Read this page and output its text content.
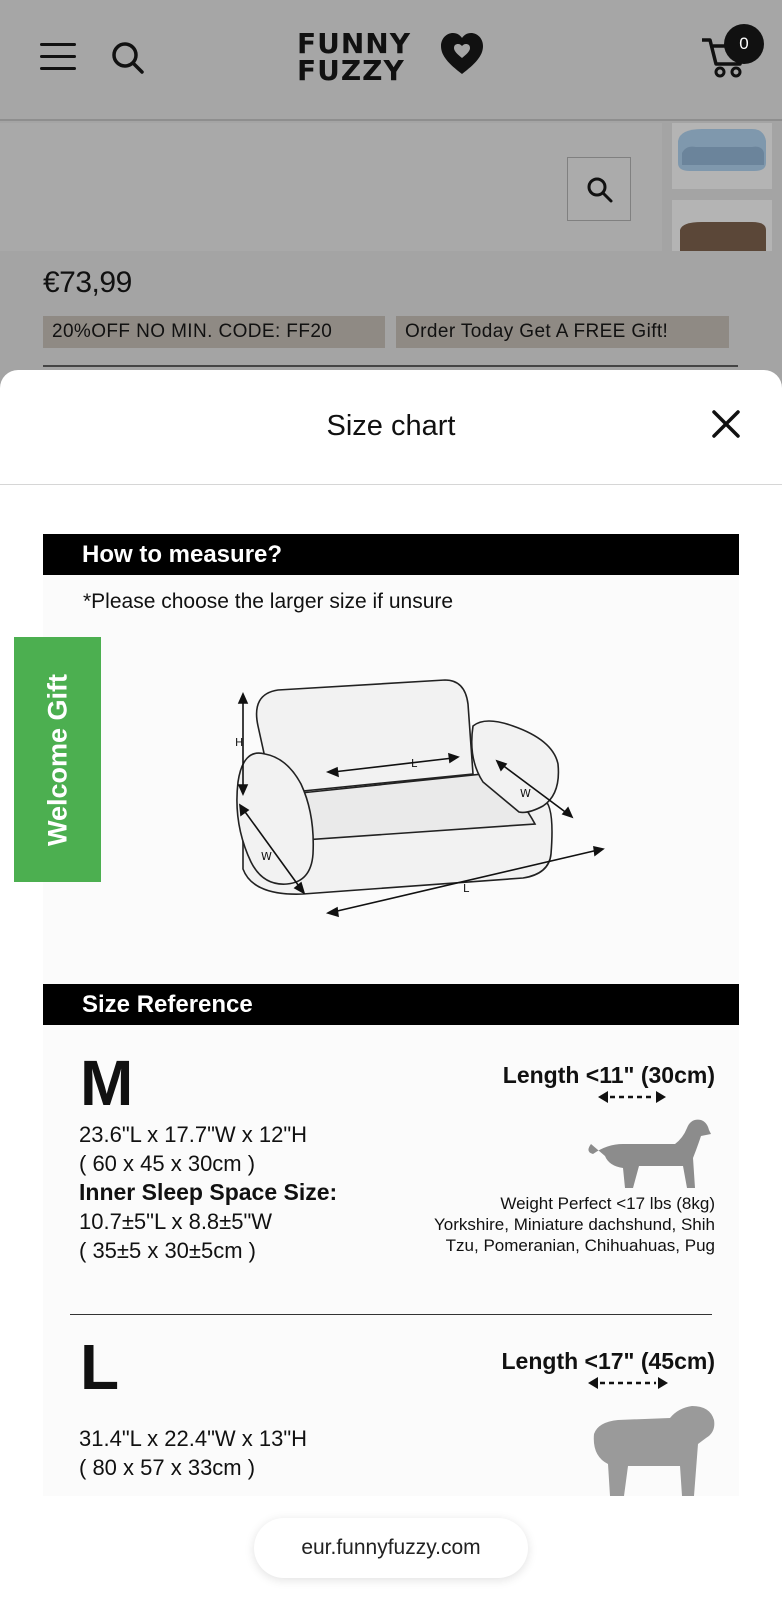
FUNNY
FUZZY
0
€73,99
20%OFF NO MIN. CODE: FF20	Order Today Get A FREE Gift!
Size chart
How to measure?
*Please choose the larger size if unsure
H
W
L
W
L
Size Reference
M
23.6"L x 17.7"W x 12"H
( 60 x 45 x 30cm )
Inner Sleep Space Size:
10.7±5"L x 8.8±5"W
( 35±5 x 30±5cm )
Length <11" (30cm)
Weight Perfect <17 lbs (8kg)
Yorkshire, Miniature dachshund, Shih
Tzu, Pomeranian, Chihuahuas, Pug
L
31.4"L x 22.4"W x 13"H
( 80 x 57 x 33cm )
Length <17" (45cm)
Welcome Gift
eur.funnyfuzzy.com
